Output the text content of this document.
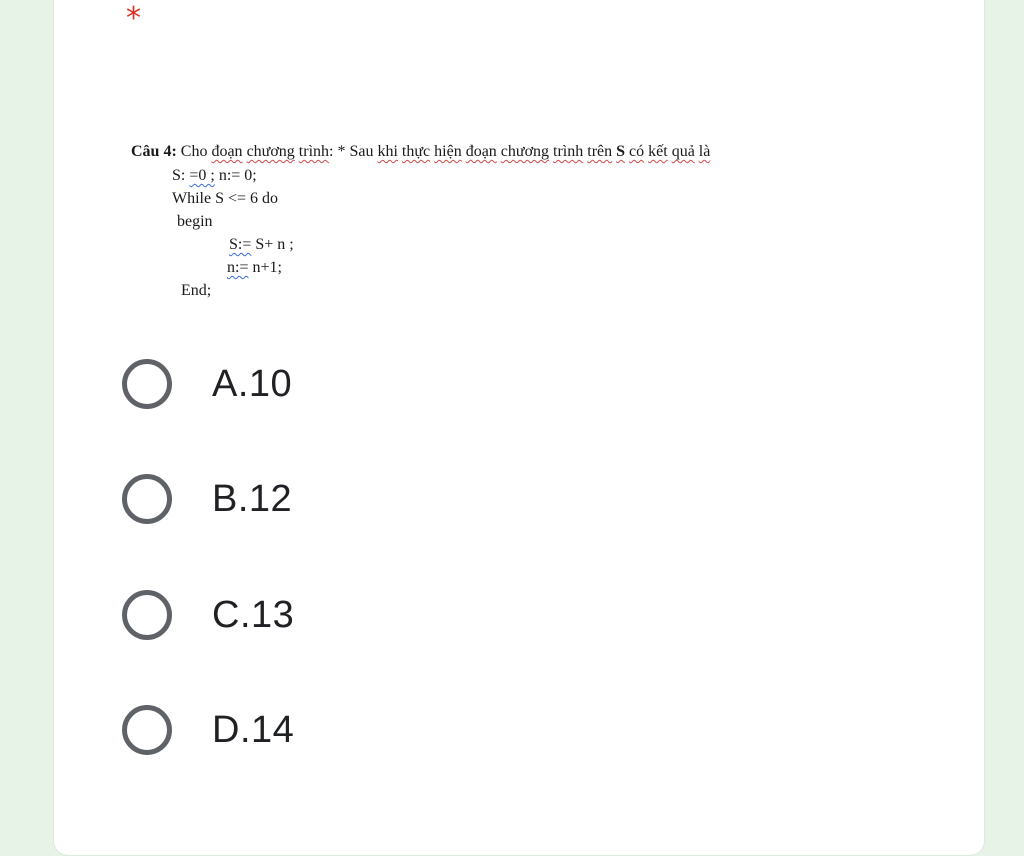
*
Câu 4: Cho đoạn chương trình: * Sau khi thực hiện đoạn chương trình trên S có kết quả là
S: =0 ; n:= 0;
While S <= 6 do
begin
S:= S+ n ;
n:= n+1;
End;
A.10
B.12
C.13
D.14
